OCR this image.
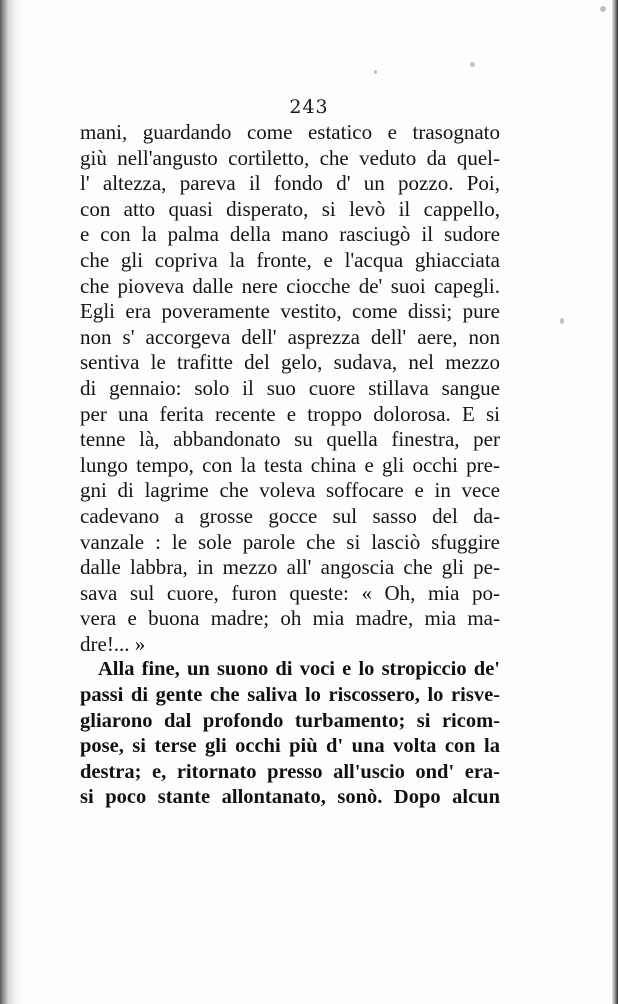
243

mani, guardando come estatico e trasognato
giù nell'angusto cortiletto, che veduto da quel-
l' altezza, pareva il fondo d' un pozzo. Poi,
con atto quasi disperato, si levò il cappello,
e con la palma della mano rasciugò il sudore
che gli copriva la fronte, e l'acqua ghiacciata
che pioveva dalle nere ciocche de' suoi capegli.
Egli era poveramente vestito, come dissi; pure
non s' accorgeva dell' asprezza dell' aere, non
sentiva le trafitte del gelo, sudava, nel mezzo
di gennaio: solo il suo cuore stillava sangue
per una ferita recente e troppo dolorosa. E si
tenne là, abbandonato su quella finestra, per
lungo tempo, con la testa china e gli occhi pre-
gni di lagrime che voleva soffocare e in vece
cadevano a grosse gocce sul sasso del da-
vanzale : le sole parole che si lasciò sfuggire
dalle labbra, in mezzo all' angoscia che gli pe-
sava sul cuore, furon queste: « Oh, mia po-
vera e buona madre; oh mia madre, mia ma-
dre!... »
Alla fine, un suono di voci e lo stropiccio de'
passi di gente che saliva lo riscossero, lo risve-
gliarono dal profondo turbamento; si ricom-
pose, si terse gli occhi più d' una volta con la
destra; e, ritornato presso all'uscio ond' era-
si poco stante allontanato, sonò. Dopo alcun
